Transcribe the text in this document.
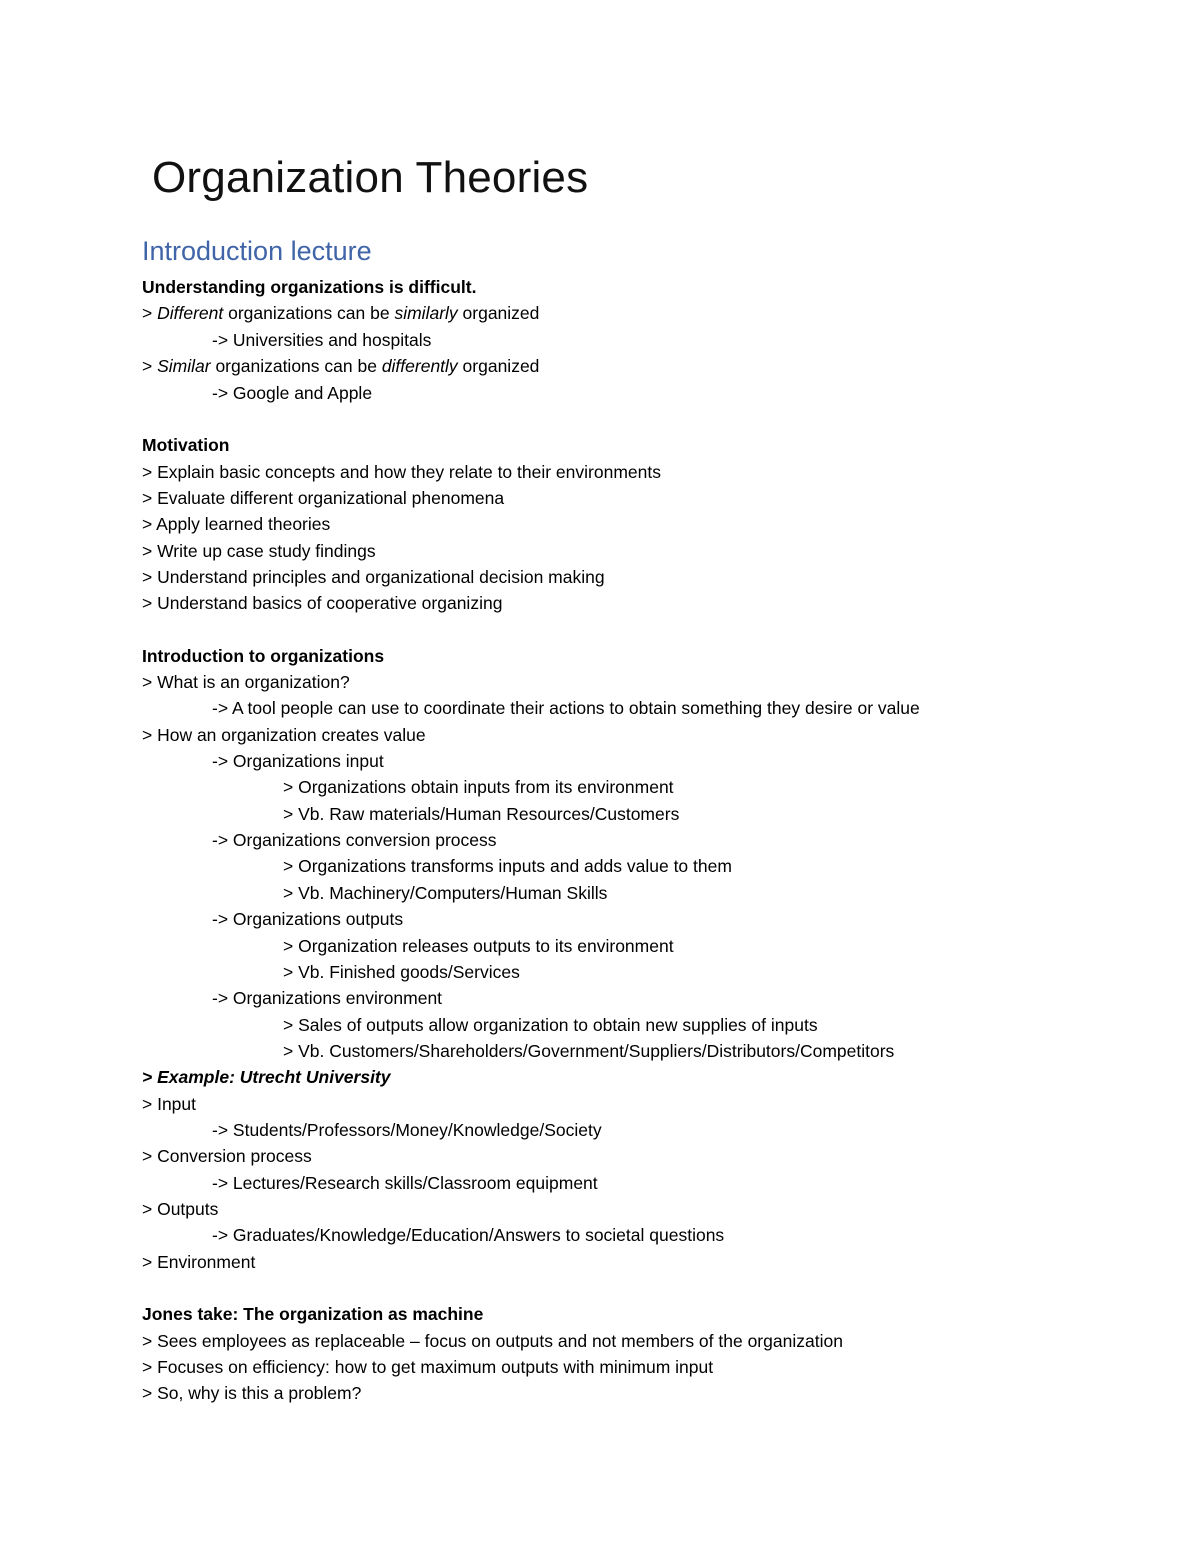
Organization Theories
Introduction lecture
Understanding organizations is difficult.
> Different organizations can be similarly organized
-> Universities and hospitals
> Similar organizations can be differently organized
-> Google and Apple
Motivation
> Explain basic concepts and how they relate to their environments
> Evaluate different organizational phenomena
> Apply learned theories
> Write up case study findings
> Understand principles and organizational decision making
> Understand basics of cooperative organizing
Introduction to organizations
> What is an organization?
-> A tool people can use to coordinate their actions to obtain something they desire or value
> How an organization creates value
-> Organizations input
> Organizations obtain inputs from its environment
> Vb. Raw materials/Human Resources/Customers
-> Organizations conversion process
> Organizations transforms inputs and adds value to them
> Vb. Machinery/Computers/Human Skills
-> Organizations outputs
> Organization releases outputs to its environment
> Vb. Finished goods/Services
-> Organizations environment
> Sales of outputs allow organization to obtain new supplies of inputs
> Vb. Customers/Shareholders/Government/Suppliers/Distributors/Competitors
> Example: Utrecht University
> Input
-> Students/Professors/Money/Knowledge/Society
> Conversion process
-> Lectures/Research skills/Classroom equipment
> Outputs
-> Graduates/Knowledge/Education/Answers to societal questions
> Environment
Jones take: The organization as machine
> Sees employees as replaceable – focus on outputs and not members of the organization
> Focuses on efficiency: how to get maximum outputs with minimum input
> So, why is this a problem?
